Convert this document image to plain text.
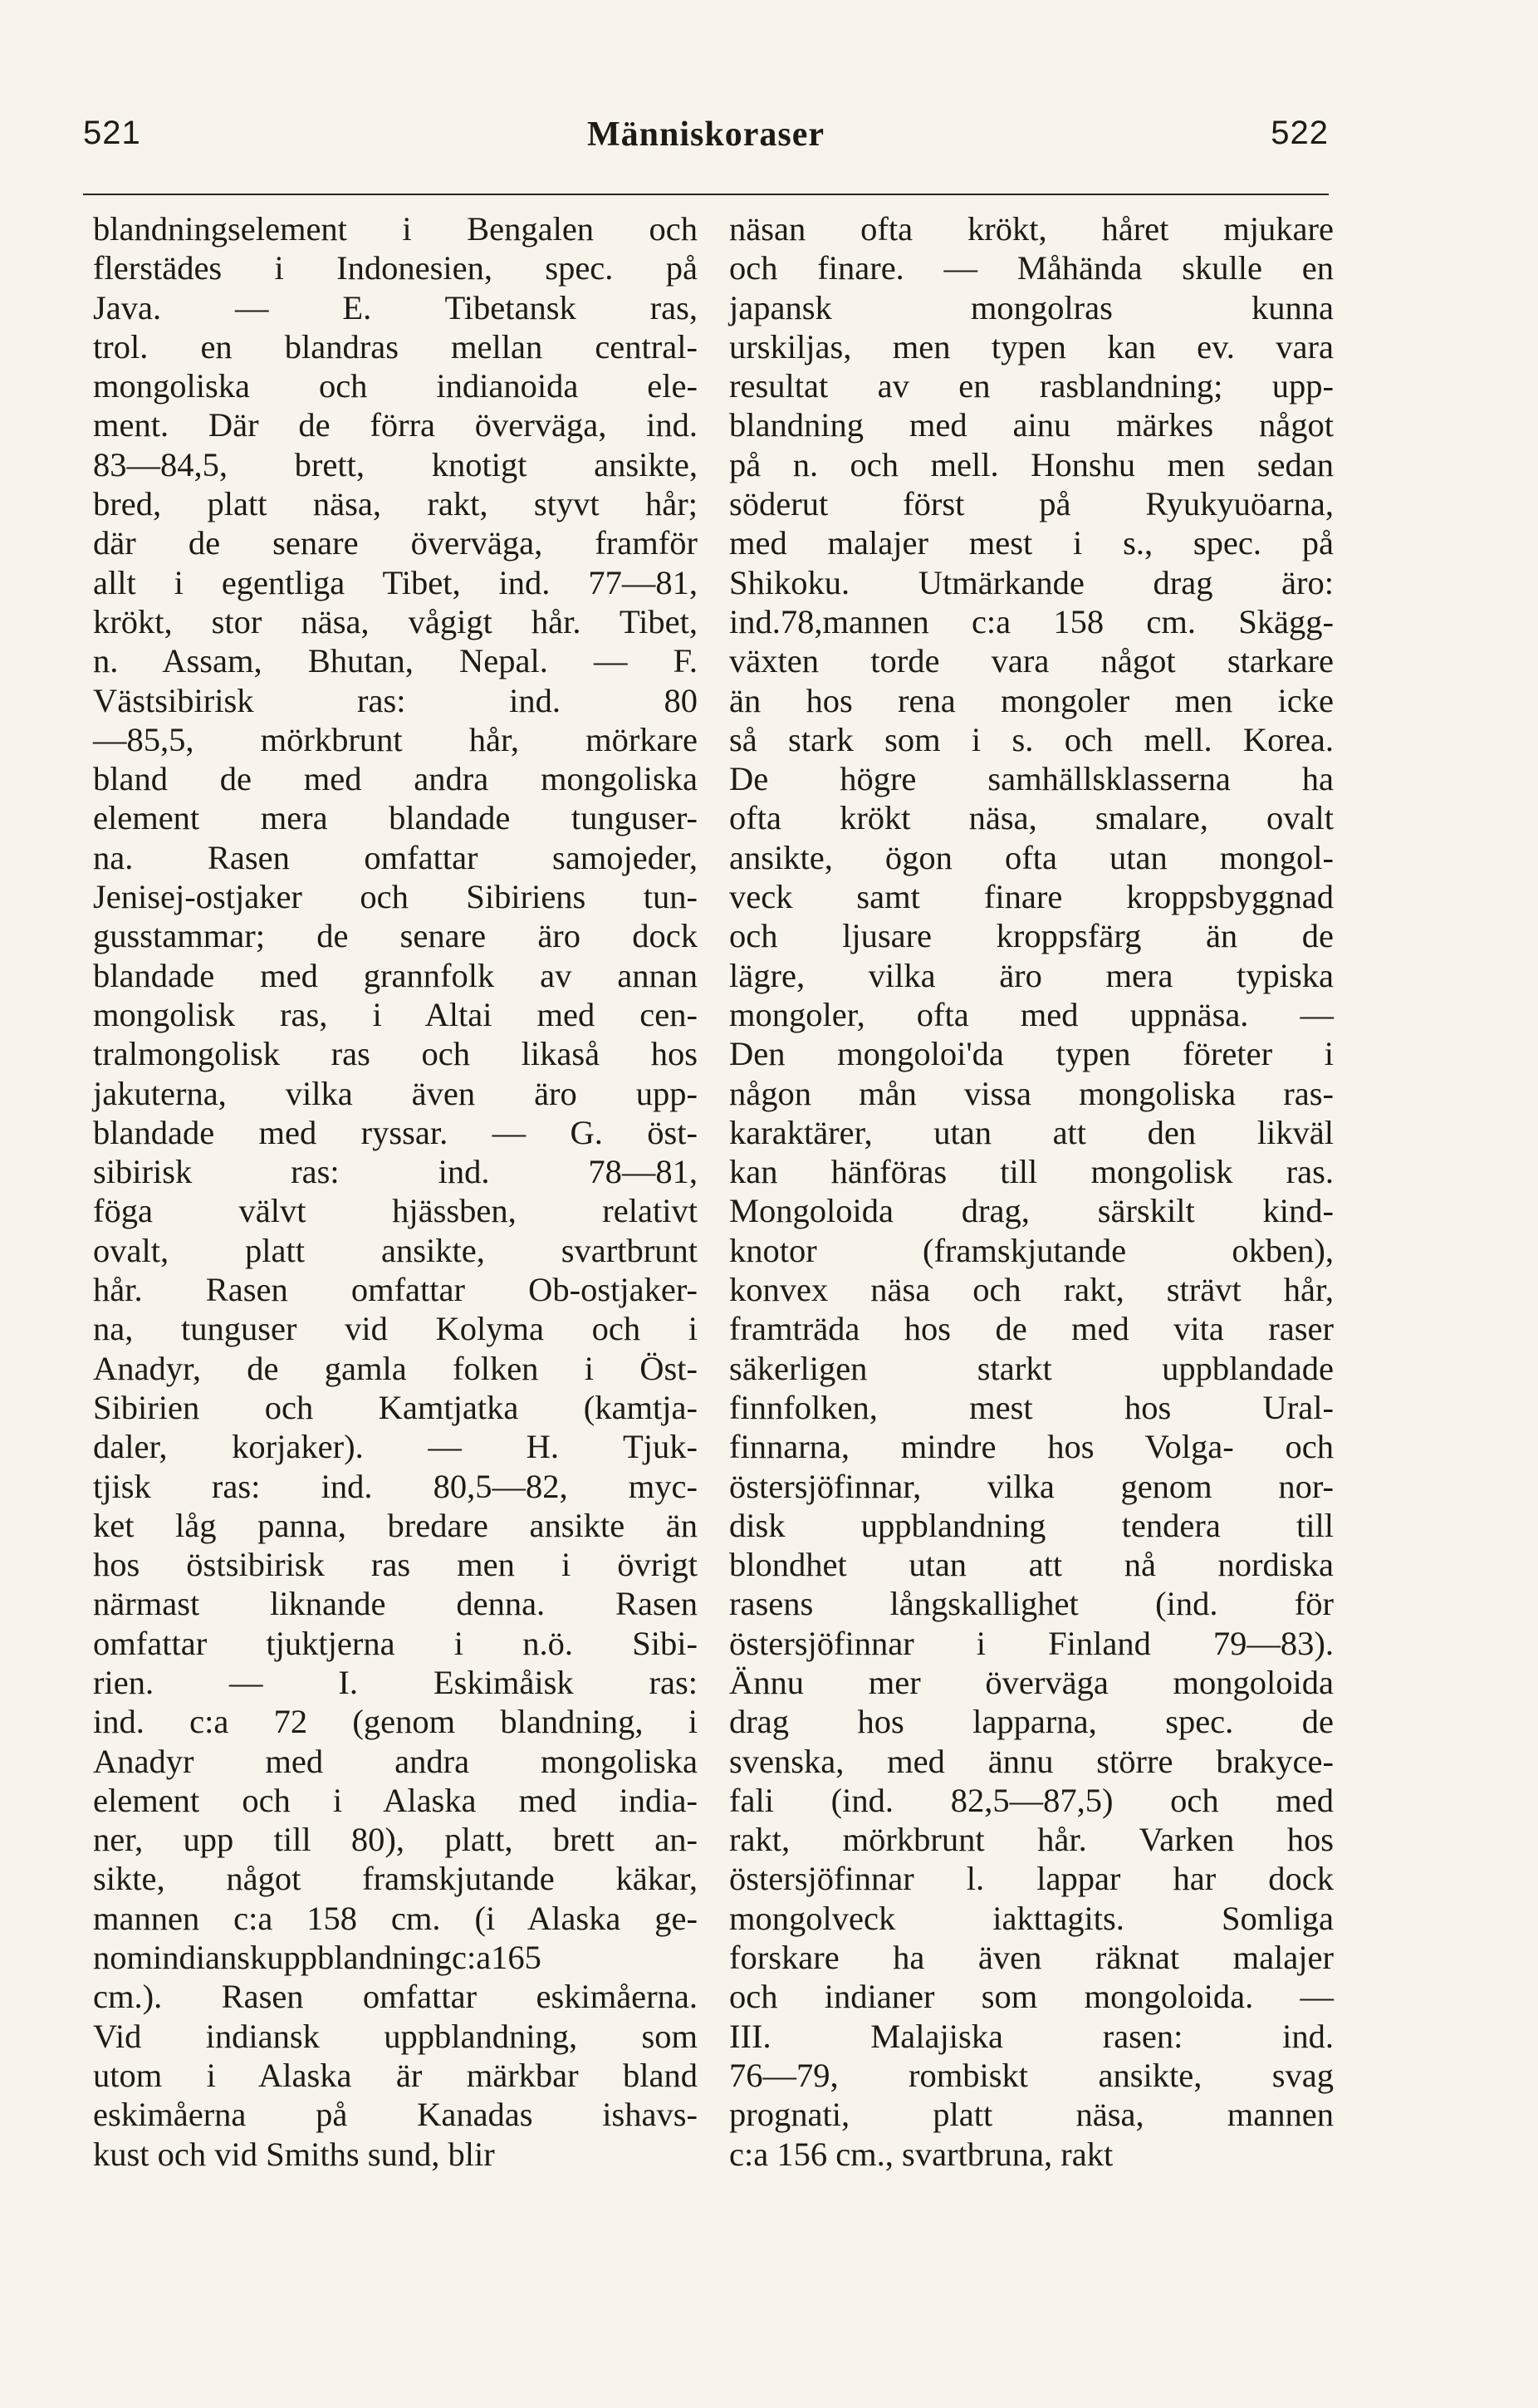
521	Människoraser	522
blandningselement i Bengalen och
flerstädes i Indonesien, spec. på
Java. — E. Tibetansk ras,
trol. en blandras mellan central-
mongoliska och indianoida ele-
ment. Där de förra överväga, ind.
83—84,5, brett, knotigt ansikte,
bred, platt näsa, rakt, styvt hår;
där de senare överväga, framför
allt i egentliga Tibet, ind. 77—81,
krökt, stor näsa, vågigt hår. Tibet,
n. Assam, Bhutan, Nepal. — F.
Västsibirisk ras: ind. 80
—85,5, mörkbrunt hår, mörkare
bland de med andra mongoliska
element mera blandade tunguser-
na. Rasen omfattar samojeder,
Jenisej-ostjaker och Sibiriens tun-
gusstammar; de senare äro dock
blandade med grannfolk av annan
mongolisk ras, i Altai med cen-
tralmongolisk ras och likaså hos
jakuterna, vilka även äro upp-
blandade med ryssar. — G. öst-
sibirisk ras: ind. 78—81,
föga välvt hjässben, relativt
ovalt, platt ansikte, svartbrunt
hår. Rasen omfattar Ob-ostjaker-
na, tunguser vid Kolyma och i
Anadyr, de gamla folken i Öst-
Sibirien och Kamtjatka (kamtja-
daler, korjaker). — H. Tjuk-
tjisk ras: ind. 80,5—82, myc-
ket låg panna, bredare ansikte än
hos östsibirisk ras men i övrigt
närmast liknande denna. Rasen
omfattar tjuktjerna i n.ö. Sibi-
rien. — I. Eskimåisk ras:
ind. c:a 72 (genom blandning, i
Anadyr med andra mongoliska
element och i Alaska med india-
ner, upp till 80), platt, brett an-
sikte, något framskjutande käkar,
mannen c:a 158 cm. (i Alaska ge-
nomindianskuppblandningc:a165
cm.). Rasen omfattar eskimåerna.
Vid indiansk uppblandning, som
utom i Alaska är märkbar bland
eskimåerna på Kanadas ishavs-
kust och vid Smiths sund, blir
näsan ofta krökt, håret mjukare
och finare. — Måhända skulle en
japansk mongolras kunna
urskiljas, men typen kan ev. vara
resultat av en rasblandning; upp-
blandning med ainu märkes något
på n. och mell. Honshu men sedan
söderut först på Ryukyuöarna,
med malajer mest i s., spec. på
Shikoku. Utmärkande drag äro:
ind.78,mannen c:a 158 cm. Skägg-
växten torde vara något starkare
än hos rena mongoler men icke
så stark som i s. och mell. Korea.
De högre samhällsklasserna ha
ofta krökt näsa, smalare, ovalt
ansikte, ögon ofta utan mongol-
veck samt finare kroppsbyggnad
och ljusare kroppsfärg än de
lägre, vilka äro mera typiska
mongoler, ofta med uppnäsa. —
Den mongoloi'da typen företer i
någon mån vissa mongoliska ras-
karaktärer, utan att den likväl
kan hänföras till mongolisk ras.
Mongoloida drag, särskilt kind-
knotor (framskjutande okben),
konvex näsa och rakt, strävt hår,
framträda hos de med vita raser
säkerligen starkt uppblandade
finnfolken, mest hos Ural-
finnarna, mindre hos Volga- och
östersjöfinnar, vilka genom nor-
disk uppblandning tendera till
blondhet utan att nå nordiska
rasens långskallighet (ind. för
östersjöfinnar i Finland 79—83).
Ännu mer överväga mongoloida
drag hos lapparna, spec. de
svenska, med ännu större brakyce-
fali (ind. 82,5—87,5) och med
rakt, mörkbrunt hår. Varken hos
östersjöfinnar l. lappar har dock
mongolveck iakttagits. Somliga
forskare ha även räknat malajer
och indianer som mongoloida. —
III. Malajiska rasen: ind.
76—79, rombiskt ansikte, svag
prognati, platt näsa, mannen
c:a 156 cm., svartbruna, rakt
